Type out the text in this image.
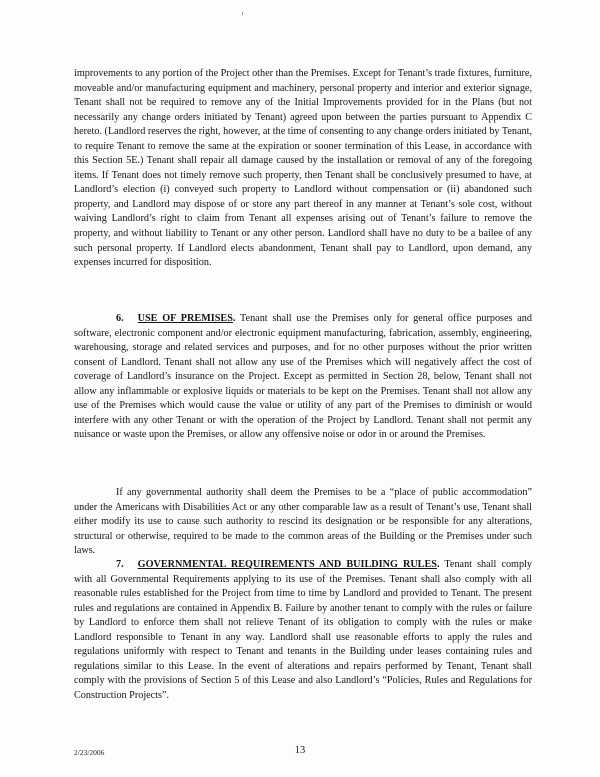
improvements to any portion of the Project other than the Premises. Except for Tenant’s trade fixtures, furniture, moveable and/or manufacturing equipment and machinery, personal property and interior and exterior signage, Tenant shall not be required to remove any of the Initial Improvements provided for in the Plans (but not necessarily any change orders initiated by Tenant) agreed upon between the parties pursuant to Appendix C hereto. (Landlord reserves the right, however, at the time of consenting to any change orders initiated by Tenant, to require Tenant to remove the same at the expiration or sooner termination of this Lease, in accordance with this Section 5E.) Tenant shall repair all damage caused by the installation or removal of any of the foregoing items. If Tenant does not timely remove such property, then Tenant shall be conclusively presumed to have, at Landlord’s election (i) conveyed such property to Landlord without compensation or (ii) abandoned such property, and Landlord may dispose of or store any part thereof in any manner at Tenant’s sole cost, without waiving Landlord’s right to claim from Tenant all expenses arising out of Tenant’s failure to remove the property, and without liability to Tenant or any other person. Landlord shall have no duty to be a bailee of any such personal property. If Landlord elects abandonment, Tenant shall pay to Landlord, upon demand, any expenses incurred for disposition.

6. USE OF PREMISES. Tenant shall use the Premises only for general office purposes and software, electronic component and/or electronic equipment manufacturing, fabrication, assembly, engineering, warehousing, storage and related services and purposes, and for no other purposes without the prior written consent of Landlord. Tenant shall not allow any use of the Premises which will negatively affect the cost of coverage of Landlord’s insurance on the Project. Except as permitted in Section 28, below, Tenant shall not allow any inflammable or explosive liquids or materials to be kept on the Premises. Tenant shall not allow any use of the Premises which would cause the value or utility of any part of the Premises to diminish or would interfere with any other Tenant or with the operation of the Project by Landlord. Tenant shall not permit any nuisance or waste upon the Premises, or allow any offensive noise or odor in or around the Premises.

If any governmental authority shall deem the Premises to be a “place of public accommodation” under the Americans with Disabilities Act or any other comparable law as a result of Tenant’s use, Tenant shall either modify its use to cause such authority to rescind its designation or be responsible for any alterations, structural or otherwise, required to be made to the common areas of the Building or the Premises under such laws.

7. GOVERNMENTAL REQUIREMENTS AND BUILDING RULES. Tenant shall comply with all Governmental Requirements applying to its use of the Premises. Tenant shall also comply with all reasonable rules established for the Project from time to time by Landlord and provided to Tenant. The present rules and regulations are contained in Appendix B. Failure by another tenant to comply with the rules or failure by Landlord to enforce them shall not relieve Tenant of its obligation to comply with the rules or make Landlord responsible to Tenant in any way. Landlord shall use reasonable efforts to apply the rules and regulations uniformly with respect to Tenant and tenants in the Building under leases containing rules and regulations similar to this Lease. In the event of alterations and repairs performed by Tenant, Tenant shall comply with the provisions of Section 5 of this Lease and also Landlord’s “Policies, Rules and Regulations for Construction Projects”.

2/23/2006	13
